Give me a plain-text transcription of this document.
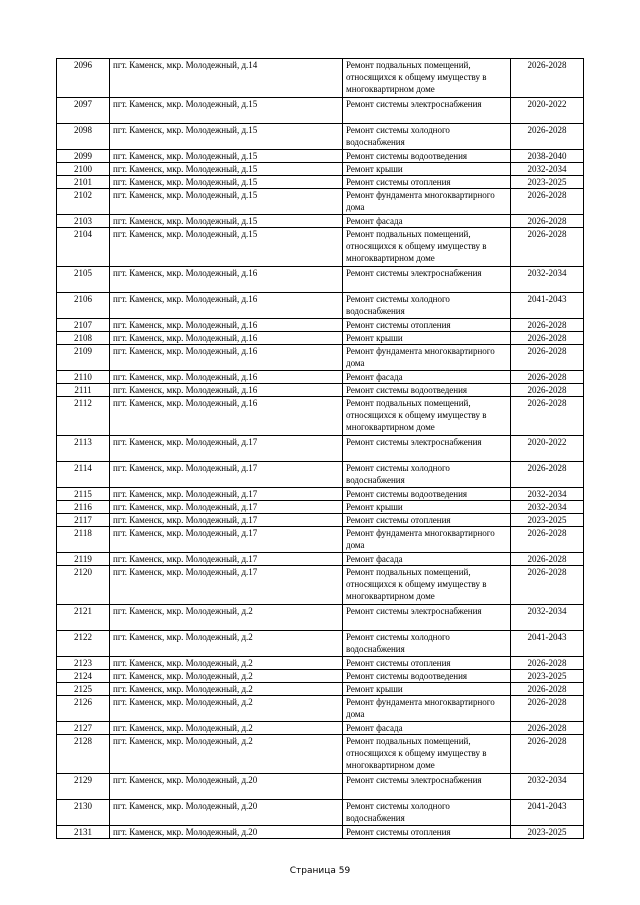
2096	пгт. Каменск, мкр. Молодежный, д.14	Ремонт подвальных помещений, относящихся к общему имуществу в многоквартирном доме	2026-2028
2097	пгт. Каменск, мкр. Молодежный, д.15	Ремонт системы электроснабжения	2020-2022
2098	пгт. Каменск, мкр. Молодежный, д.15	Ремонт системы холодного водоснабжения	2026-2028
2099	пгт. Каменск, мкр. Молодежный, д.15	Ремонт системы водоотведения	2038-2040
2100	пгт. Каменск, мкр. Молодежный, д.15	Ремонт крыши	2032-2034
2101	пгт. Каменск, мкр. Молодежный, д.15	Ремонт системы отопления	2023-2025
2102	пгт. Каменск, мкр. Молодежный, д.15	Ремонт фундамента многоквартирного дома	2026-2028
2103	пгт. Каменск, мкр. Молодежный, д.15	Ремонт фасада	2026-2028
2104	пгт. Каменск, мкр. Молодежный, д.15	Ремонт подвальных помещений, относящихся к общему имуществу в многоквартирном доме	2026-2028
2105	пгт. Каменск, мкр. Молодежный, д.16	Ремонт системы электроснабжения	2032-2034
2106	пгт. Каменск, мкр. Молодежный, д.16	Ремонт системы холодного водоснабжения	2041-2043
2107	пгт. Каменск, мкр. Молодежный, д.16	Ремонт системы отопления	2026-2028
2108	пгт. Каменск, мкр. Молодежный, д.16	Ремонт крыши	2026-2028
2109	пгт. Каменск, мкр. Молодежный, д.16	Ремонт фундамента многоквартирного дома	2026-2028
2110	пгт. Каменск, мкр. Молодежный, д.16	Ремонт фасада	2026-2028
2111	пгт. Каменск, мкр. Молодежный, д.16	Ремонт системы водоотведения	2026-2028
2112	пгт. Каменск, мкр. Молодежный, д.16	Ремонт подвальных помещений, относящихся к общему имуществу в многоквартирном доме	2026-2028
2113	пгт. Каменск, мкр. Молодежный, д.17	Ремонт системы электроснабжения	2020-2022
2114	пгт. Каменск, мкр. Молодежный, д.17	Ремонт системы холодного водоснабжения	2026-2028
2115	пгт. Каменск, мкр. Молодежный, д.17	Ремонт системы водоотведения	2032-2034
2116	пгт. Каменск, мкр. Молодежный, д.17	Ремонт крыши	2032-2034
2117	пгт. Каменск, мкр. Молодежный, д.17	Ремонт системы отопления	2023-2025
2118	пгт. Каменск, мкр. Молодежный, д.17	Ремонт фундамента многоквартирного дома	2026-2028
2119	пгт. Каменск, мкр. Молодежный, д.17	Ремонт фасада	2026-2028
2120	пгт. Каменск, мкр. Молодежный, д.17	Ремонт подвальных помещений, относящихся к общему имуществу в многоквартирном доме	2026-2028
2121	пгт. Каменск, мкр. Молодежный, д.2	Ремонт системы электроснабжения	2032-2034
2122	пгт. Каменск, мкр. Молодежный, д.2	Ремонт системы холодного водоснабжения	2041-2043
2123	пгт. Каменск, мкр. Молодежный, д.2	Ремонт системы отопления	2026-2028
2124	пгт. Каменск, мкр. Молодежный, д.2	Ремонт системы водоотведения	2023-2025
2125	пгт. Каменск, мкр. Молодежный, д.2	Ремонт крыши	2026-2028
2126	пгт. Каменск, мкр. Молодежный, д.2	Ремонт фундамента многоквартирного дома	2026-2028
2127	пгт. Каменск, мкр. Молодежный, д.2	Ремонт фасада	2026-2028
2128	пгт. Каменск, мкр. Молодежный, д.2	Ремонт подвальных помещений, относящихся к общему имуществу в многоквартирном доме	2026-2028
2129	пгт. Каменск, мкр. Молодежный, д.20	Ремонт системы электроснабжения	2032-2034
2130	пгт. Каменск, мкр. Молодежный, д.20	Ремонт системы холодного водоснабжения	2041-2043
2131	пгт. Каменск, мкр. Молодежный, д.20	Ремонт системы отопления	2023-2025
Страница 59
